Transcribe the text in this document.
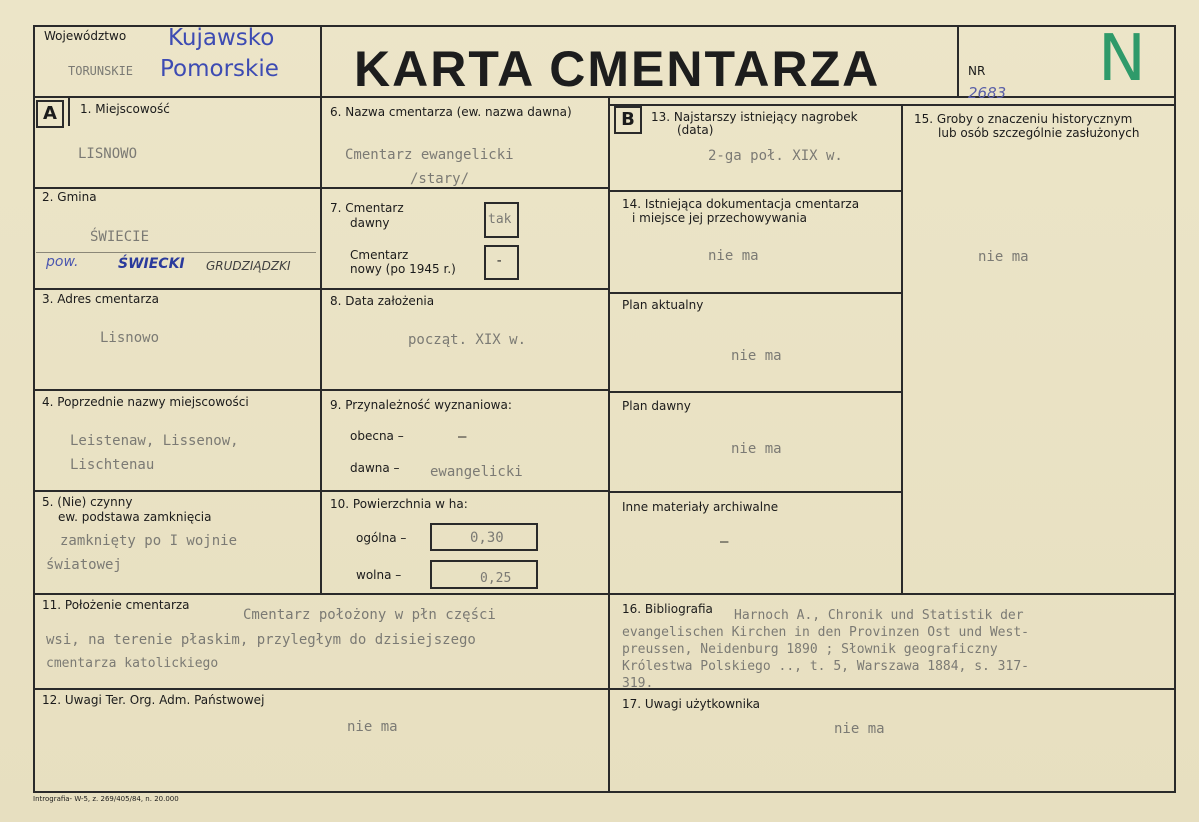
Województwo Kujawsko
Pomorskie
TORUNSKIE	KARTA CMENTARZA	NR
2683 N
A	B
1. Miejscowość
LISNOWO
2. Gmina
ŚWIECIE
pow.	ŚWIECKI GRUDZIĄDZKI
3. Adres cmentarza
Lisnowo
4. Poprzednie nazwy miejscowości
Leistenaw, Lissenow,
Lischtenau
5. (Nie) czynny
ew. podstawa zamknięcia
zamknięty po I wojnie
światowej
6. Nazwa cmentarza (ew. nazwa dawna)
Cmentarz ewangelicki
/stary/
7. Cmentarz
dawny	tak
Cmentarz
nowy (po 1945 r.)	-
8. Data założenia
począt. XIX w.
9. Przynależność wyznaniowa:
obecna –	–
dawna – ewangelicki
10. Powierzchnia w ha:
ogólna –	0,30
wolna –	0,25
11. Położenie cmentarza
Cmentarz położony w płn części
wsi, na terenie płaskim, przyległym do dzisiejszego
cmentarza katolickiego
12. Uwagi Ter. Org. Adm. Państwowej
nie ma
13. Najstarszy istniejący nagrobek
(data)
2-ga poł. XIX w.
14. Istniejąca dokumentacja cmentarza
i miejsce jej przechowywania
nie ma
Plan aktualny
nie ma
Plan dawny
nie ma
Inne materiały archiwalne
–
15. Groby o znaczeniu historycznym
lub osób szczególnie zasłużonych
nie ma
16. Bibliografia Harnoch A., Chronik und Statistik der
evangelischen Kirchen in den Provinzen Ost und West-
preussen, Neidenburg 1890 ; Słownik geograficzny
Królestwa Polskiego .., t. 5, Warszawa 1884, s. 317-
319.
17. Uwagi użytkownika
nie ma
Intrografia- W-5, z. 269/405/84, n. 20.000
